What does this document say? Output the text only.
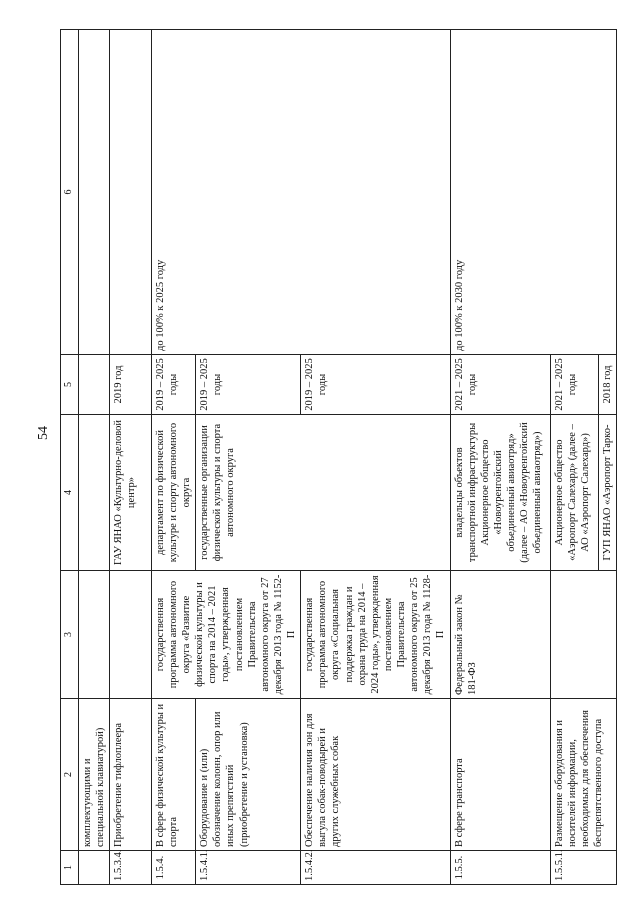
54
1	2	3	4	5	6
	комплектующими и специальной клавиатурой)				
1.5.3.4.	Приобретение тифлоплеера		ГАУ ЯНАО «Культурно-деловой центр»	2019 год	
1.5.4.	В сфере физической культуры и спорта	государственная программа автономного округа «Развитие физической культуры и спорта на 2014 – 2021 годы», утвержденная постановлением Правительства автономного округа от 27 декабря 2013 года № 1152-П	департамент по физической культуре и спорту автономного округа	2019 – 2025 годы	до 100% к 2025 году
1.5.4.1.	Оборудование и (или) обозначение колонн, опор или иных препятствий (приобретение и установка)		государственные организации физической культуры и спорта автономного округа	2019 – 2025 годы	
1.5.4.2.	Обеспечение наличия зон для выгула собак-поводырей и других служебных собак	государственная программа автономного округа «Социальная поддержка граждан и охрана труда на 2014 – 2024 годы», утвержденная постановлением Правительства автономного округа от 25 декабря 2013 года № 1128-П		2019 – 2025 годы	
1.5.5.	В сфере транспорта	Федеральный закон № 181-ФЗ	владельцы объектов транспортной инфраструктуры Акционерное общество «Новоуренгойский объединенный авиаотряд» (далее – АО «Новоуренгойский объединенный авиаотряд»)	2021 – 2025 годы	до 100% к 2030 году
1.5.5.1.	Размещение оборудования и носителей информации, необходимых для обеспечения беспрепятственного доступа		Акционерное общество «Аэропорт Салехард» (далее – АО «Аэропорт Салехард»)	2021 – 2025 годы	
			ГУП ЯНАО «Аэропорт Тарко-	2018 год	
